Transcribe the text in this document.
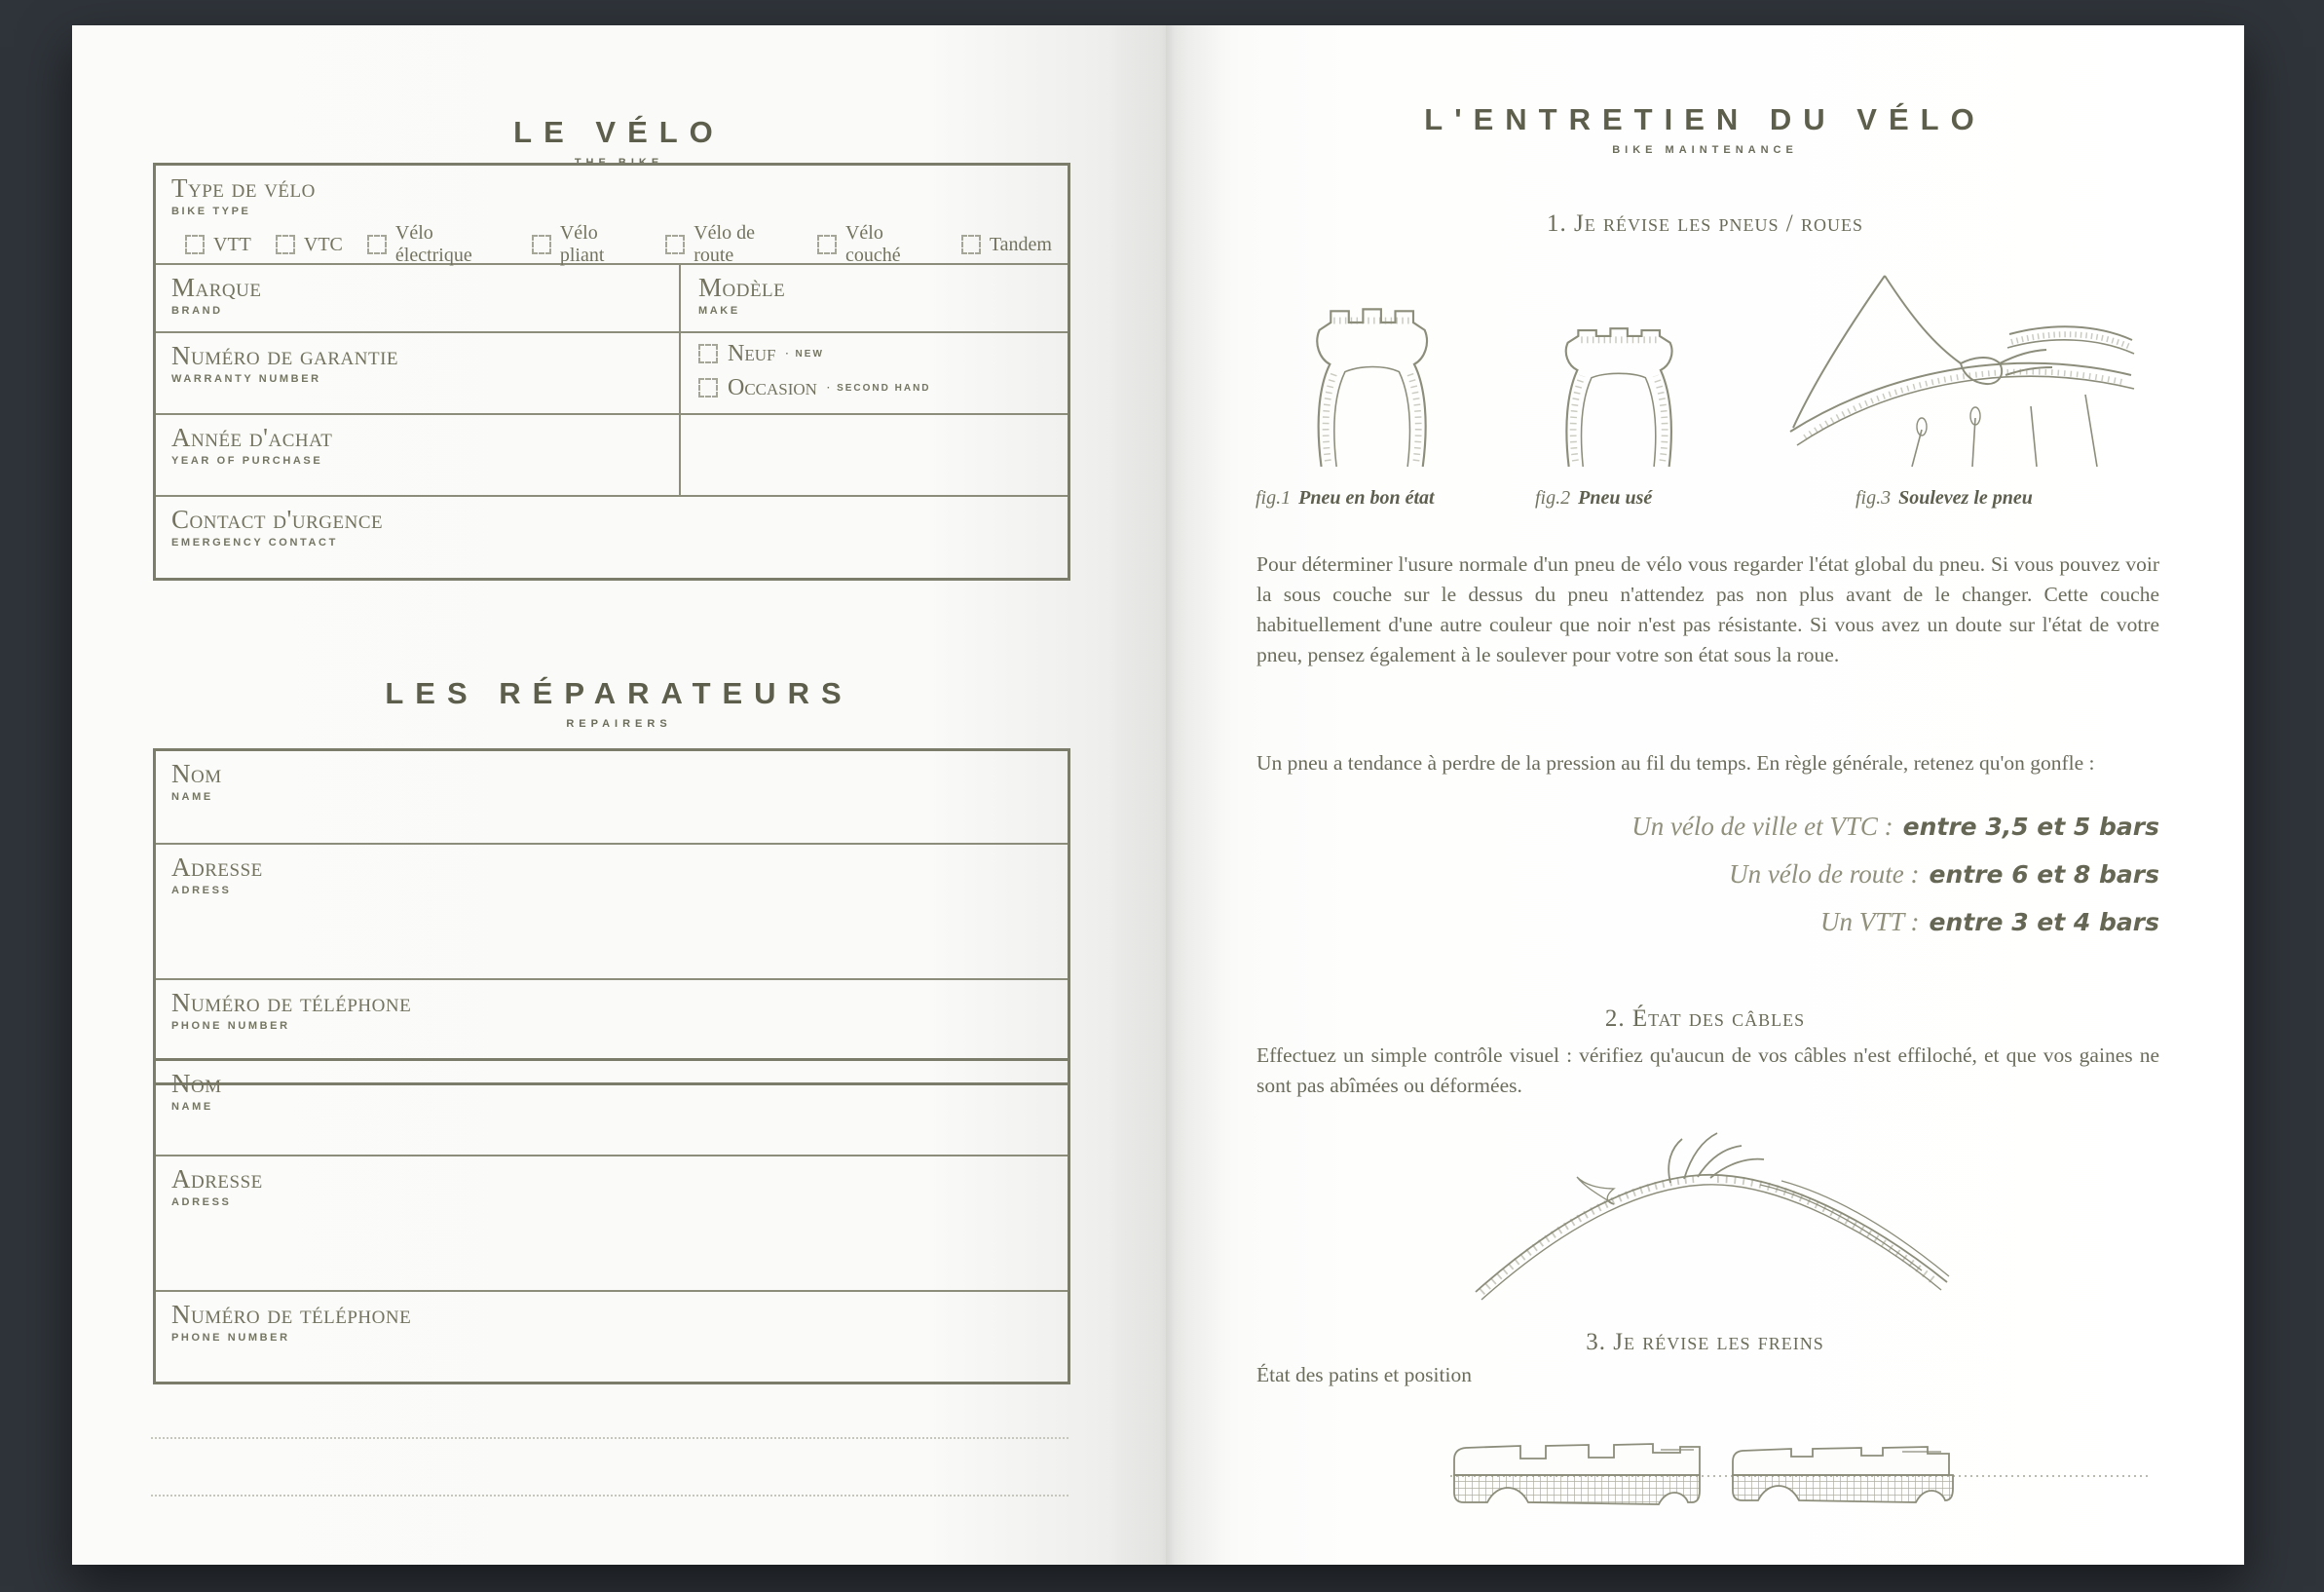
LE VÉLO
THE BIKE
Type de vélo
BIKE TYPE
VTT	VTC
Vélo électrique
Vélo pliant
Vélo de route
Vélo couché
Tandem
Marque
BRAND
Modèle
MAKE
Numéro de garantie
WARRANTY NUMBER
Neuf · NEW
Occasion · SECOND HAND
Année d'achat
YEAR OF PURCHASE
Contact d'urgence
EMERGENCY CONTACT
LES RÉPARATEURS
REPAIRERS
Nom
NAME
Adresse
ADRESS
Numéro de téléphone
PHONE NUMBER
Nom
NAME
Adresse
ADRESS
Numéro de téléphone
PHONE NUMBER
L'ENTRETIEN DU VÉLO
BIKE MAINTENANCE
1. Je révise les pneus / roues
fig.1 Pneu en bon état	fig.2 Pneu usé	fig.3 Soulevez le pneu
Pour déterminer l'usure normale d'un pneu de vélo vous regarder l'état global du pneu. Si vous pouvez voir la sous couche sur le dessus du pneu n'attendez pas non plus avant de le changer. Cette couche habituellement d'une autre couleur que noir n'est pas résistante. Si vous avez un doute sur l'état de votre pneu, pensez également à le soulever pour votre son état sous la roue.
Un pneu a tendance à perdre de la pression au fil du temps. En règle générale, retenez qu'on gonfle :
Un vélo de ville et VTC : entre 3,5 et 5 bars
Un vélo de route : entre 6 et 8 bars
Un VTT : entre 3 et 4 bars
2. État des câbles
Effectuez un simple contrôle visuel : vérifiez qu'aucun de vos câbles n'est effiloché, et que vos gaines ne sont pas abîmées ou déformées.
3. Je révise les freins
État des patins et position
